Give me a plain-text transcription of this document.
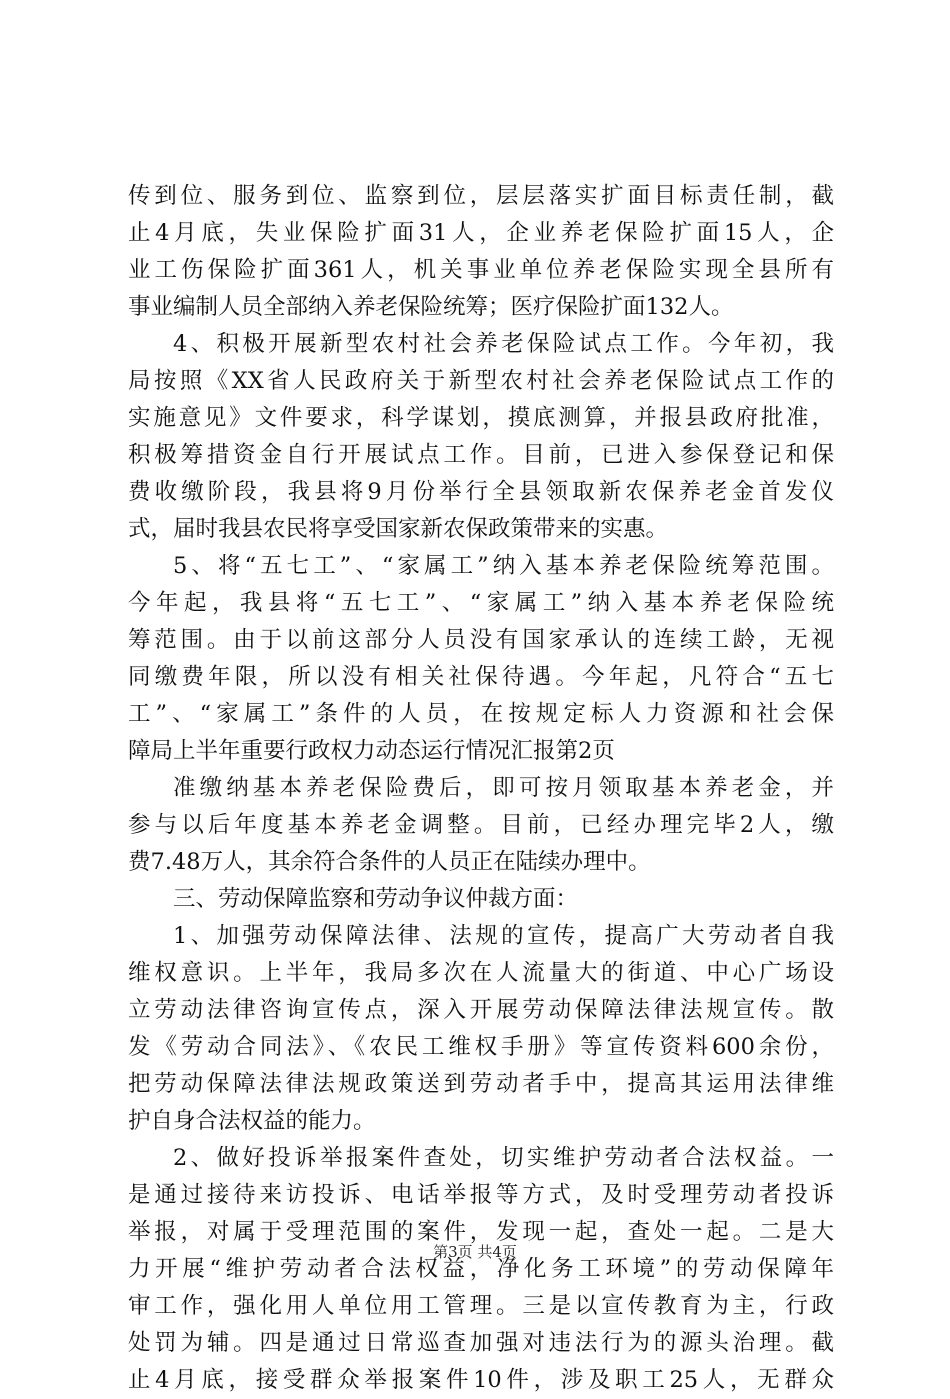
传到位、服务到位、监察到位，层层落实扩面目标责任制，截
止4月底，失业保险扩面31人，企业养老保险扩面15人，企
业工伤保险扩面361人，机关事业单位养老保险实现全县所有
事业编制人员全部纳入养老保险统筹；医疗保险扩面132人。
4、积极开展新型农村社会养老保险试点工作。今年初，我
局按照《XX省人民政府关于新型农村社会养老保险试点工作的
实施意见》文件要求，科学谋划，摸底测算，并报县政府批准，
积极筹措资金自行开展试点工作。目前，已进入参保登记和保
费收缴阶段，我县将9月份举行全县领取新农保养老金首发仪
式，届时我县农民将享受国家新农保政策带来的实惠。
5、将“五七工”、“家属工”纳入基本养老保险统筹范围。
今年起，我县将“五七工”、“家属工”纳入基本养老保险统
筹范围。由于以前这部分人员没有国家承认的连续工龄，无视
同缴费年限，所以没有相关社保待遇。今年起，凡符合“五七
工”、“家属工”条件的人员，在按规定标人力资源和社会保
障局上半年重要行政权力动态运行情况汇报第2页
准缴纳基本养老保险费后，即可按月领取基本养老金，并
参与以后年度基本养老金调整。目前，已经办理完毕2人，缴
费7.48万人，其余符合条件的人员正在陆续办理中。
三、劳动保障监察和劳动争议仲裁方面：
1、加强劳动保障法律、法规的宣传，提高广大劳动者自我
维权意识。上半年，我局多次在人流量大的街道、中心广场设
立劳动法律咨询宣传点，深入开展劳动保障法律法规宣传。散
发《劳动合同法》、《农民工维权手册》等宣传资料600余份，
把劳动保障法律法规政策送到劳动者手中，提高其运用法律维
护自身合法权益的能力。
2、做好投诉举报案件查处，切实维护劳动者合法权益。一
是通过接待来访投诉、电话举报等方式，及时受理劳动者投诉
举报，对属于受理范围的案件，发现一起，查处一起。二是大
力开展“维护劳动者合法权益，净化务工环境”的劳动保障年
审工作，强化用人单位用工管理。三是以宣传教育为主，行政
处罚为辅。四是通过日常巡查加强对违法行为的源头治理。截
止4月底，接受群众举报案件10件，涉及职工25人，无群众
第3页 共4页
